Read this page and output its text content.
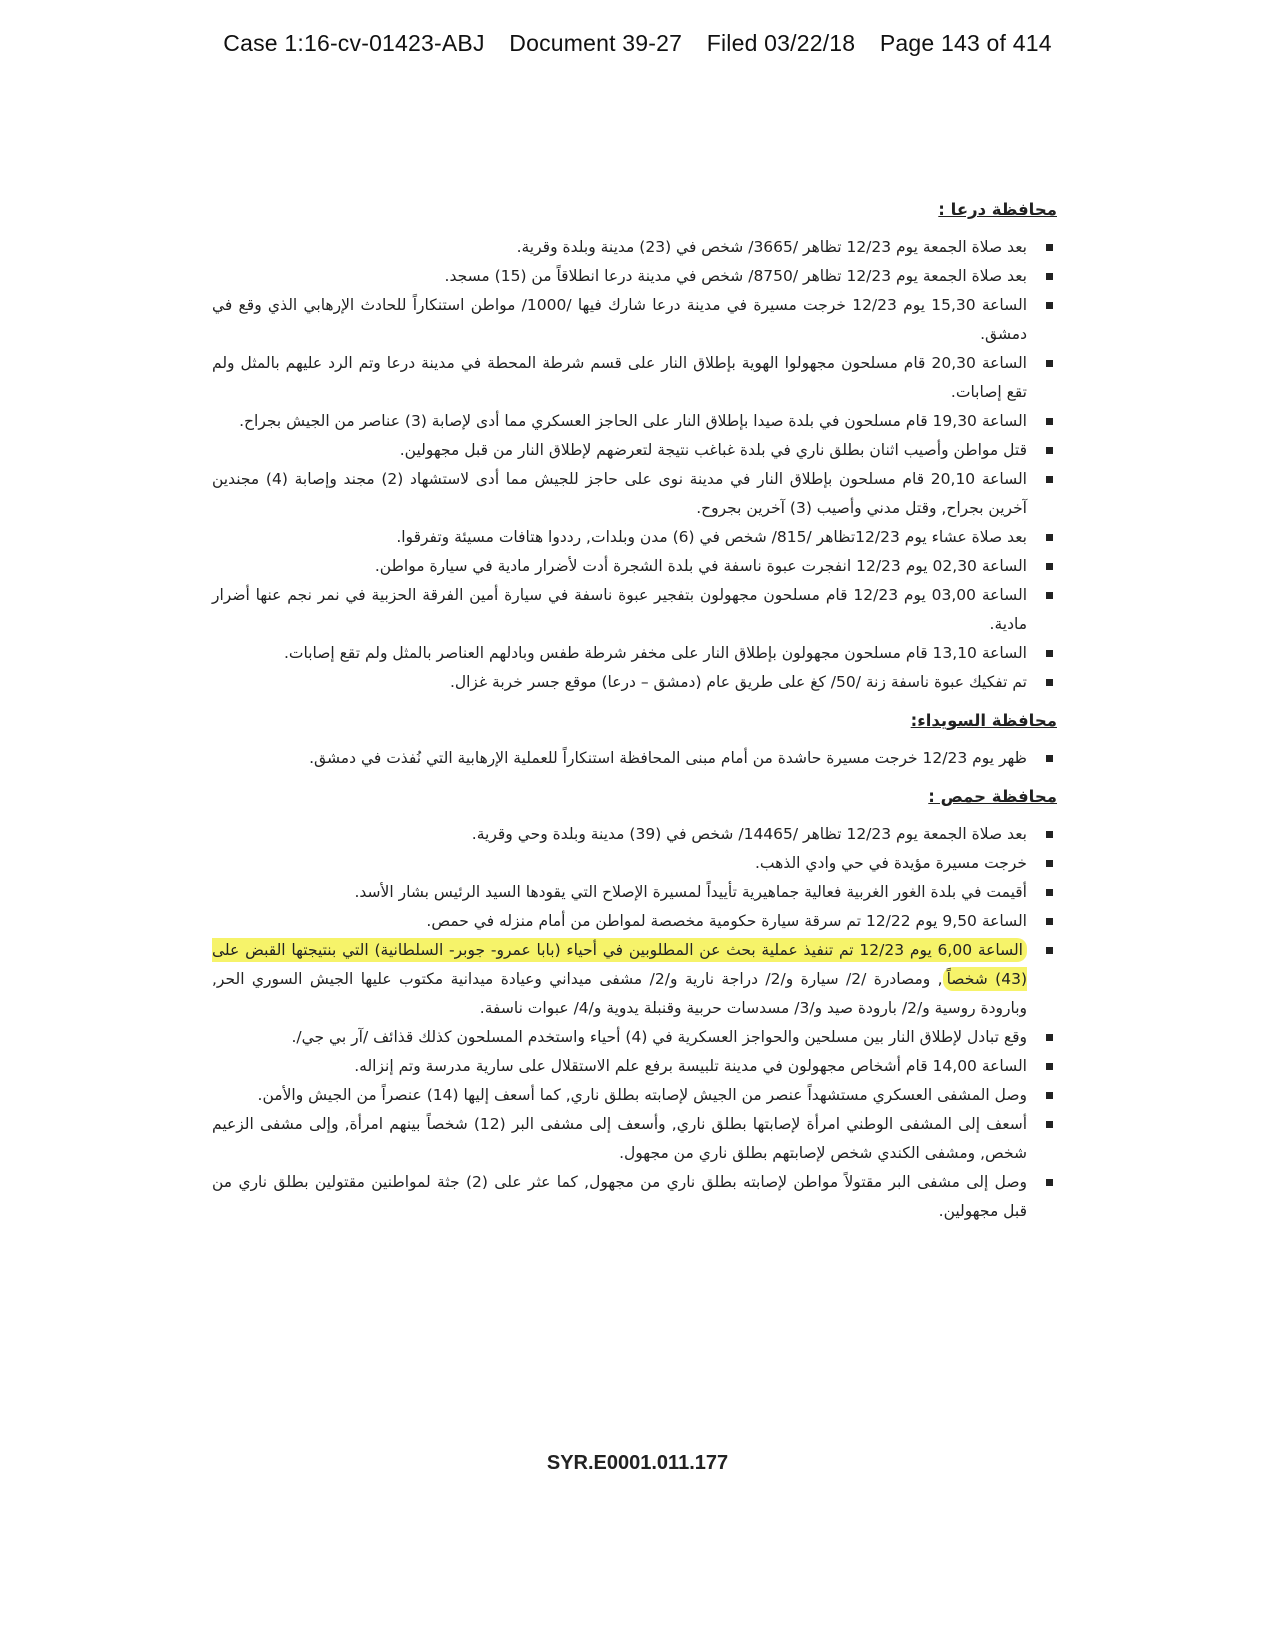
Case 1:16-cv-01423-ABJ Document 39-27 Filed 03/22/18 Page 143 of 414
محافظة درعا :
بعد صلاة الجمعة يوم 12/23 تظاهر /3665/ شخص في (23) مدينة وبلدة وقرية.
بعد صلاة الجمعة يوم 12/23 تظاهر /8750/ شخص في مدينة درعا انطلاقاً من (15) مسجد.
الساعة 15,30 يوم 12/23 خرجت مسيرة في مدينة درعا شارك فيها /1000/ مواطن استنكاراً للحادث الإرهابي الذي وقع في دمشق.
الساعة 20,30 قام مسلحون مجهولوا الهوية بإطلاق النار على قسم شرطة المحطة في مدينة درعا وتم الرد عليهم بالمثل ولم تقع إصابات.
الساعة 19,30 قام مسلحون في بلدة صيدا بإطلاق النار على الحاجز العسكري مما أدى لإصابة (3) عناصر من الجيش بجراح.
قتل مواطن وأصيب اثنان بطلق ناري في بلدة غباغب نتيجة لتعرضهم لإطلاق النار من قبل مجهولين.
الساعة 20,10 قام مسلحون بإطلاق النار في مدينة نوى على حاجز للجيش مما أدى لاستشهاد (2) مجند وإصابة (4) مجندين آخرين بجراح, وقتل مدني وأصيب (3) آخرين بجروح.
بعد صلاة عشاء يوم 12/23تظاهر /815/ شخص في (6) مدن وبلدات, رددوا هتافات مسيئة وتفرقوا.
الساعة 02,30 يوم 12/23 انفجرت عبوة ناسفة في بلدة الشجرة أدت لأضرار مادية في سيارة مواطن.
الساعة 03,00 يوم 12/23 قام مسلحون مجهولون بتفجير عبوة ناسفة في سيارة أمين الفرقة الحزبية في نمر نجم عنها أضرار مادية.
الساعة 13,10 قام مسلحون مجهولون بإطلاق النار على مخفر شرطة طفس وبادلهم العناصر بالمثل ولم تقع إصابات.
تم تفكيك عبوة ناسفة زنة /50/ كغ على طريق عام (دمشق – درعا) موقع جسر خربة غزال.
محافظة السويداء:
ظهر يوم 12/23 خرجت مسيرة حاشدة من أمام مبنى المحافظة استنكاراً للعملية الإرهابية التي نُفذت في دمشق.
محافظة حمص :
بعد صلاة الجمعة يوم 12/23 تظاهر /14465/ شخص في (39) مدينة وبلدة وحي وقرية.
خرجت مسيرة مؤيدة في حي وادي الذهب.
أقيمت في بلدة الغور الغربية فعالية جماهيرية تأييداً لمسيرة الإصلاح التي يقودها السيد الرئيس بشار الأسد.
الساعة 9,50 يوم 12/22 تم سرقة سيارة حكومية مخصصة لمواطن من أمام منزله في حمص.
الساعة 6,00 يوم 12/23 تم تنفيذ عملية بحث عن المطلوبين في أحياء (بابا عمرو- جوبر- السلطانية) التي بنتيجتها القبض على (43) شخصاً, ومصادرة /2/ سيارة و/2/ دراجة نارية و/2/ مشفى ميداني وعيادة ميدانية مكتوب عليها الجيش السوري الحر, وبارودة روسية و/2/ بارودة صيد و/3/ مسدسات حربية وقنبلة يدوية و/4/ عبوات ناسفة.
وقع تبادل لإطلاق النار بين مسلحين والحواجز العسكرية في (4) أحياء واستخدم المسلحون كذلك قذائف /آر بي جي/.
الساعة 14,00 قام أشخاص مجهولون في مدينة تلبيسة برفع علم الاستقلال على سارية مدرسة وتم إنزاله.
وصل المشفى العسكري مستشهداً عنصر من الجيش لإصابته بطلق ناري, كما أسعف إليها (14) عنصراً من الجيش والأمن.
أسعف إلى المشفى الوطني امرأة لإصابتها بطلق ناري, وأسعف إلى مشفى البر (12) شخصاً بينهم امرأة, وإلى مشفى الزعيم شخص, ومشفى الكندي شخص لإصابتهم بطلق ناري من مجهول.
وصل إلى مشفى البر مقتولاً مواطن لإصابته بطلق ناري من مجهول, كما عثر على (2) جثة لمواطنين مقتولين بطلق ناري من قبل مجهولين.
SYR.E0001.011.177
